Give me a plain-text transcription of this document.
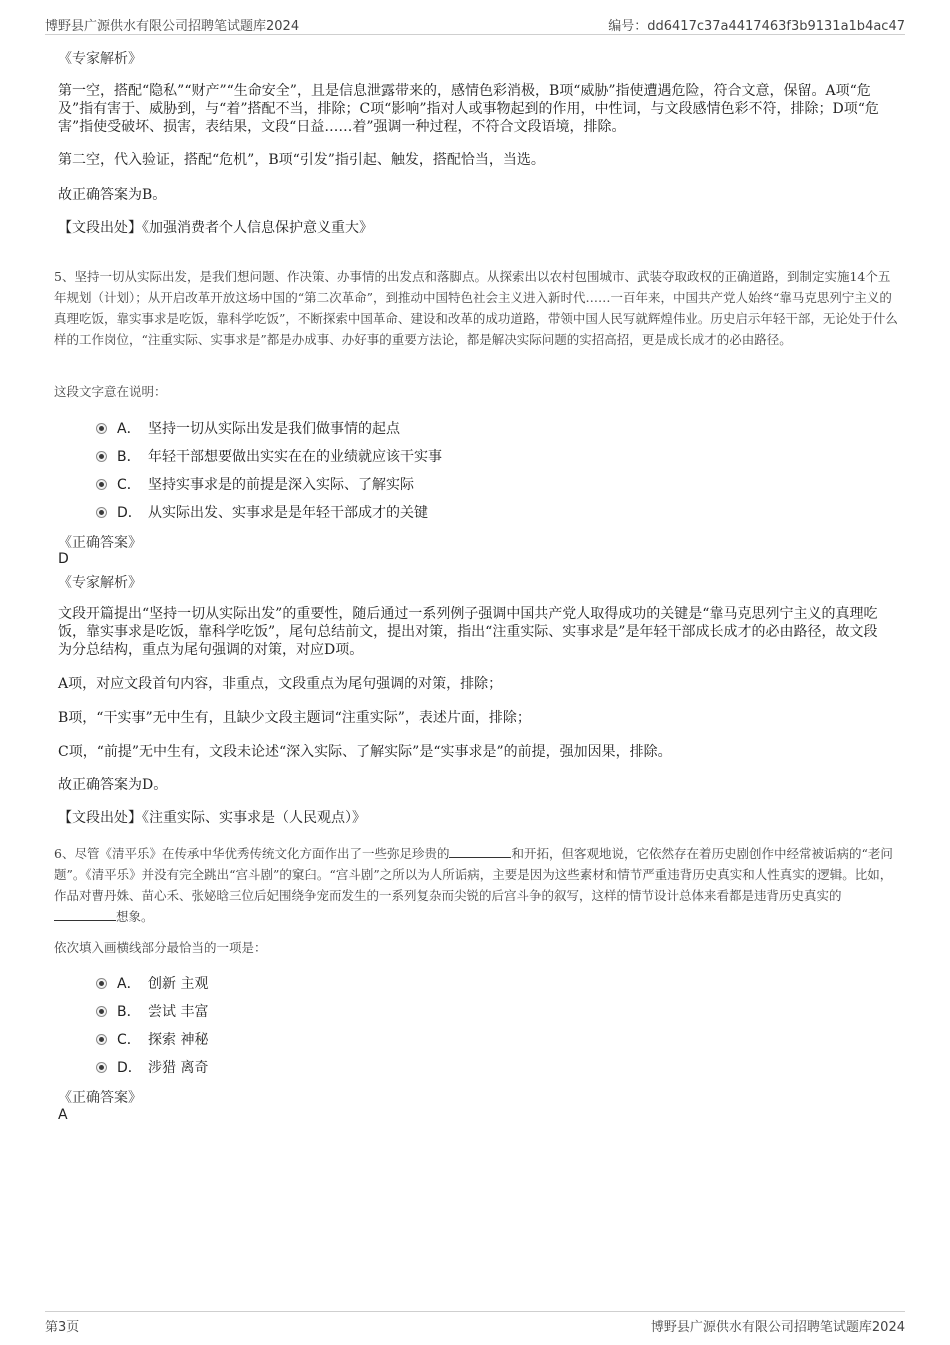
博野县广源供水有限公司招聘笔试题库2024	编号：dd6417c37a4417463f3b9131a1b4ac47
《专家解析》

第一空，搭配“隐私”“财产”“生命安全”，且是信息泄露带来的，感情色彩消极，B项“威胁”指使遭遇危险，符合文意，保留。A项“危及”指有害于、威胁到，与“着”搭配不当，排除；C项“影响”指对人或事物起到的作用，中性词，与文段感情色彩不符，排除；D项“危害”指使受破坏、损害，表结果，文段“日益……着”强调一种过程，不符合文段语境，排除。

第二空，代入验证，搭配“危机”，B项“引发”指引起、触发，搭配恰当，当选。

故正确答案为B。

【文段出处】《加强消费者个人信息保护意义重大》

5、坚持一切从实际出发，是我们想问题、作决策、办事情的出发点和落脚点。从探索出以农村包围城市、武装夺取政权的正确道路，到制定实施14个五年规划（计划）；从开启改革开放这场中国的“第二次革命”，到推动中国特色社会主义进入新时代……一百年来，中国共产党人始终“靠马克思列宁主义的真理吃饭，靠实事求是吃饭，靠科学吃饭”，不断探索中国革命、建设和改革的成功道路，带领中国人民写就辉煌伟业。历史启示年轻干部，无论处于什么样的工作岗位，“注重实际、实事求是”都是办成事、办好事的重要方法论，都是解决实际问题的实招高招，更是成长成才的必由路径。

这段文字意在说明：
A． 坚持一切从实际出发是我们做事情的起点
B． 年轻干部想要做出实实在在的业绩就应该干实事
C． 坚持实事求是的前提是深入实际、了解实际
D． 从实际出发、实事求是是年轻干部成才的关键
《正确答案》
D
《专家解析》

文段开篇提出“坚持一切从实际出发”的重要性，随后通过一系列例子强调中国共产党人取得成功的关键是“靠马克思列宁主义的真理吃饭，靠实事求是吃饭，靠科学吃饭”，尾句总结前文，提出对策，指出“注重实际、实事求是”是年轻干部成长成才的必由路径，故文段为分总结构，重点为尾句强调的对策，对应D项。

A项，对应文段首句内容，非重点，文段重点为尾句强调的对策，排除；

B项，“干实事”无中生有，且缺少文段主题词“注重实际”，表述片面，排除；

C项，“前提”无中生有，文段未论述“深入实际、了解实际”是“实事求是”的前提，强加因果，排除。

故正确答案为D。

【文段出处】《注重实际、实事求是（人民观点）》

6、尽管《清平乐》在传承中华优秀传统文化方面作出了一些弥足珍贵的	和开拓，但客观地说，它依然存在着历史剧创作中经常被诟病的“老问题”。《清平乐》并没有完全跳出“宫斗剧”的窠臼。“宫斗剧”之所以为人所诟病，主要是因为这些素材和情节严重违背历史真实和人性真实的逻辑。比如，作品对曹丹姝、苗心禾、张妼晗三位后妃围绕争宠而发生的一系列复杂而尖锐的后宫斗争的叙写，这样的情节设计总体来看都是违背历史真实的想象。

依次填入画横线部分最恰当的一项是：
A． 创新 主观
B． 尝试 丰富
C． 探索 神秘
D． 涉猎 离奇
《正确答案》
A
第3页	博野县广源供水有限公司招聘笔试题库2024
